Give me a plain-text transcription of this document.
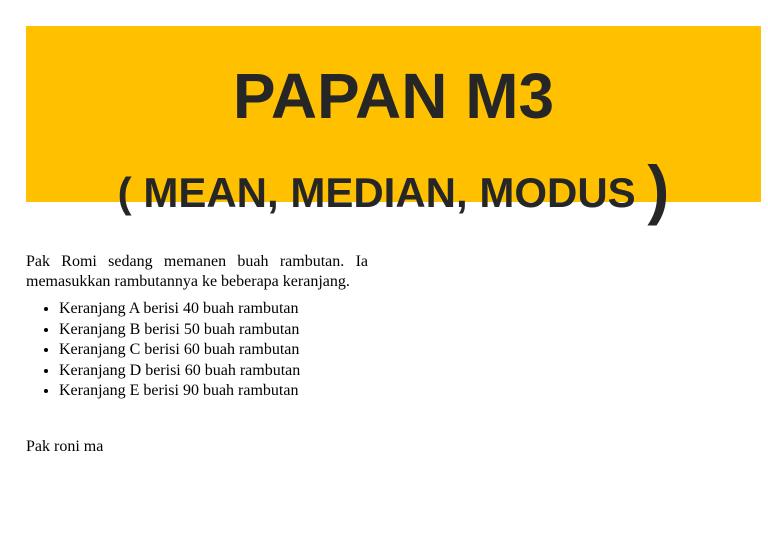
PAPAN M3
( MEAN, MEDIAN, MODUS )

Pak Romi sedang memanen buah rambutan. Ia memasukkan rambutannya ke beberapa keranjang.

• Keranjang A berisi 40 buah rambutan
• Keranjang B berisi 50 buah rambutan
• Keranjang C berisi 60 buah rambutan
• Keranjang D berisi 60 buah rambutan
• Keranjang E berisi 90 buah rambutan

Pak roni ma
